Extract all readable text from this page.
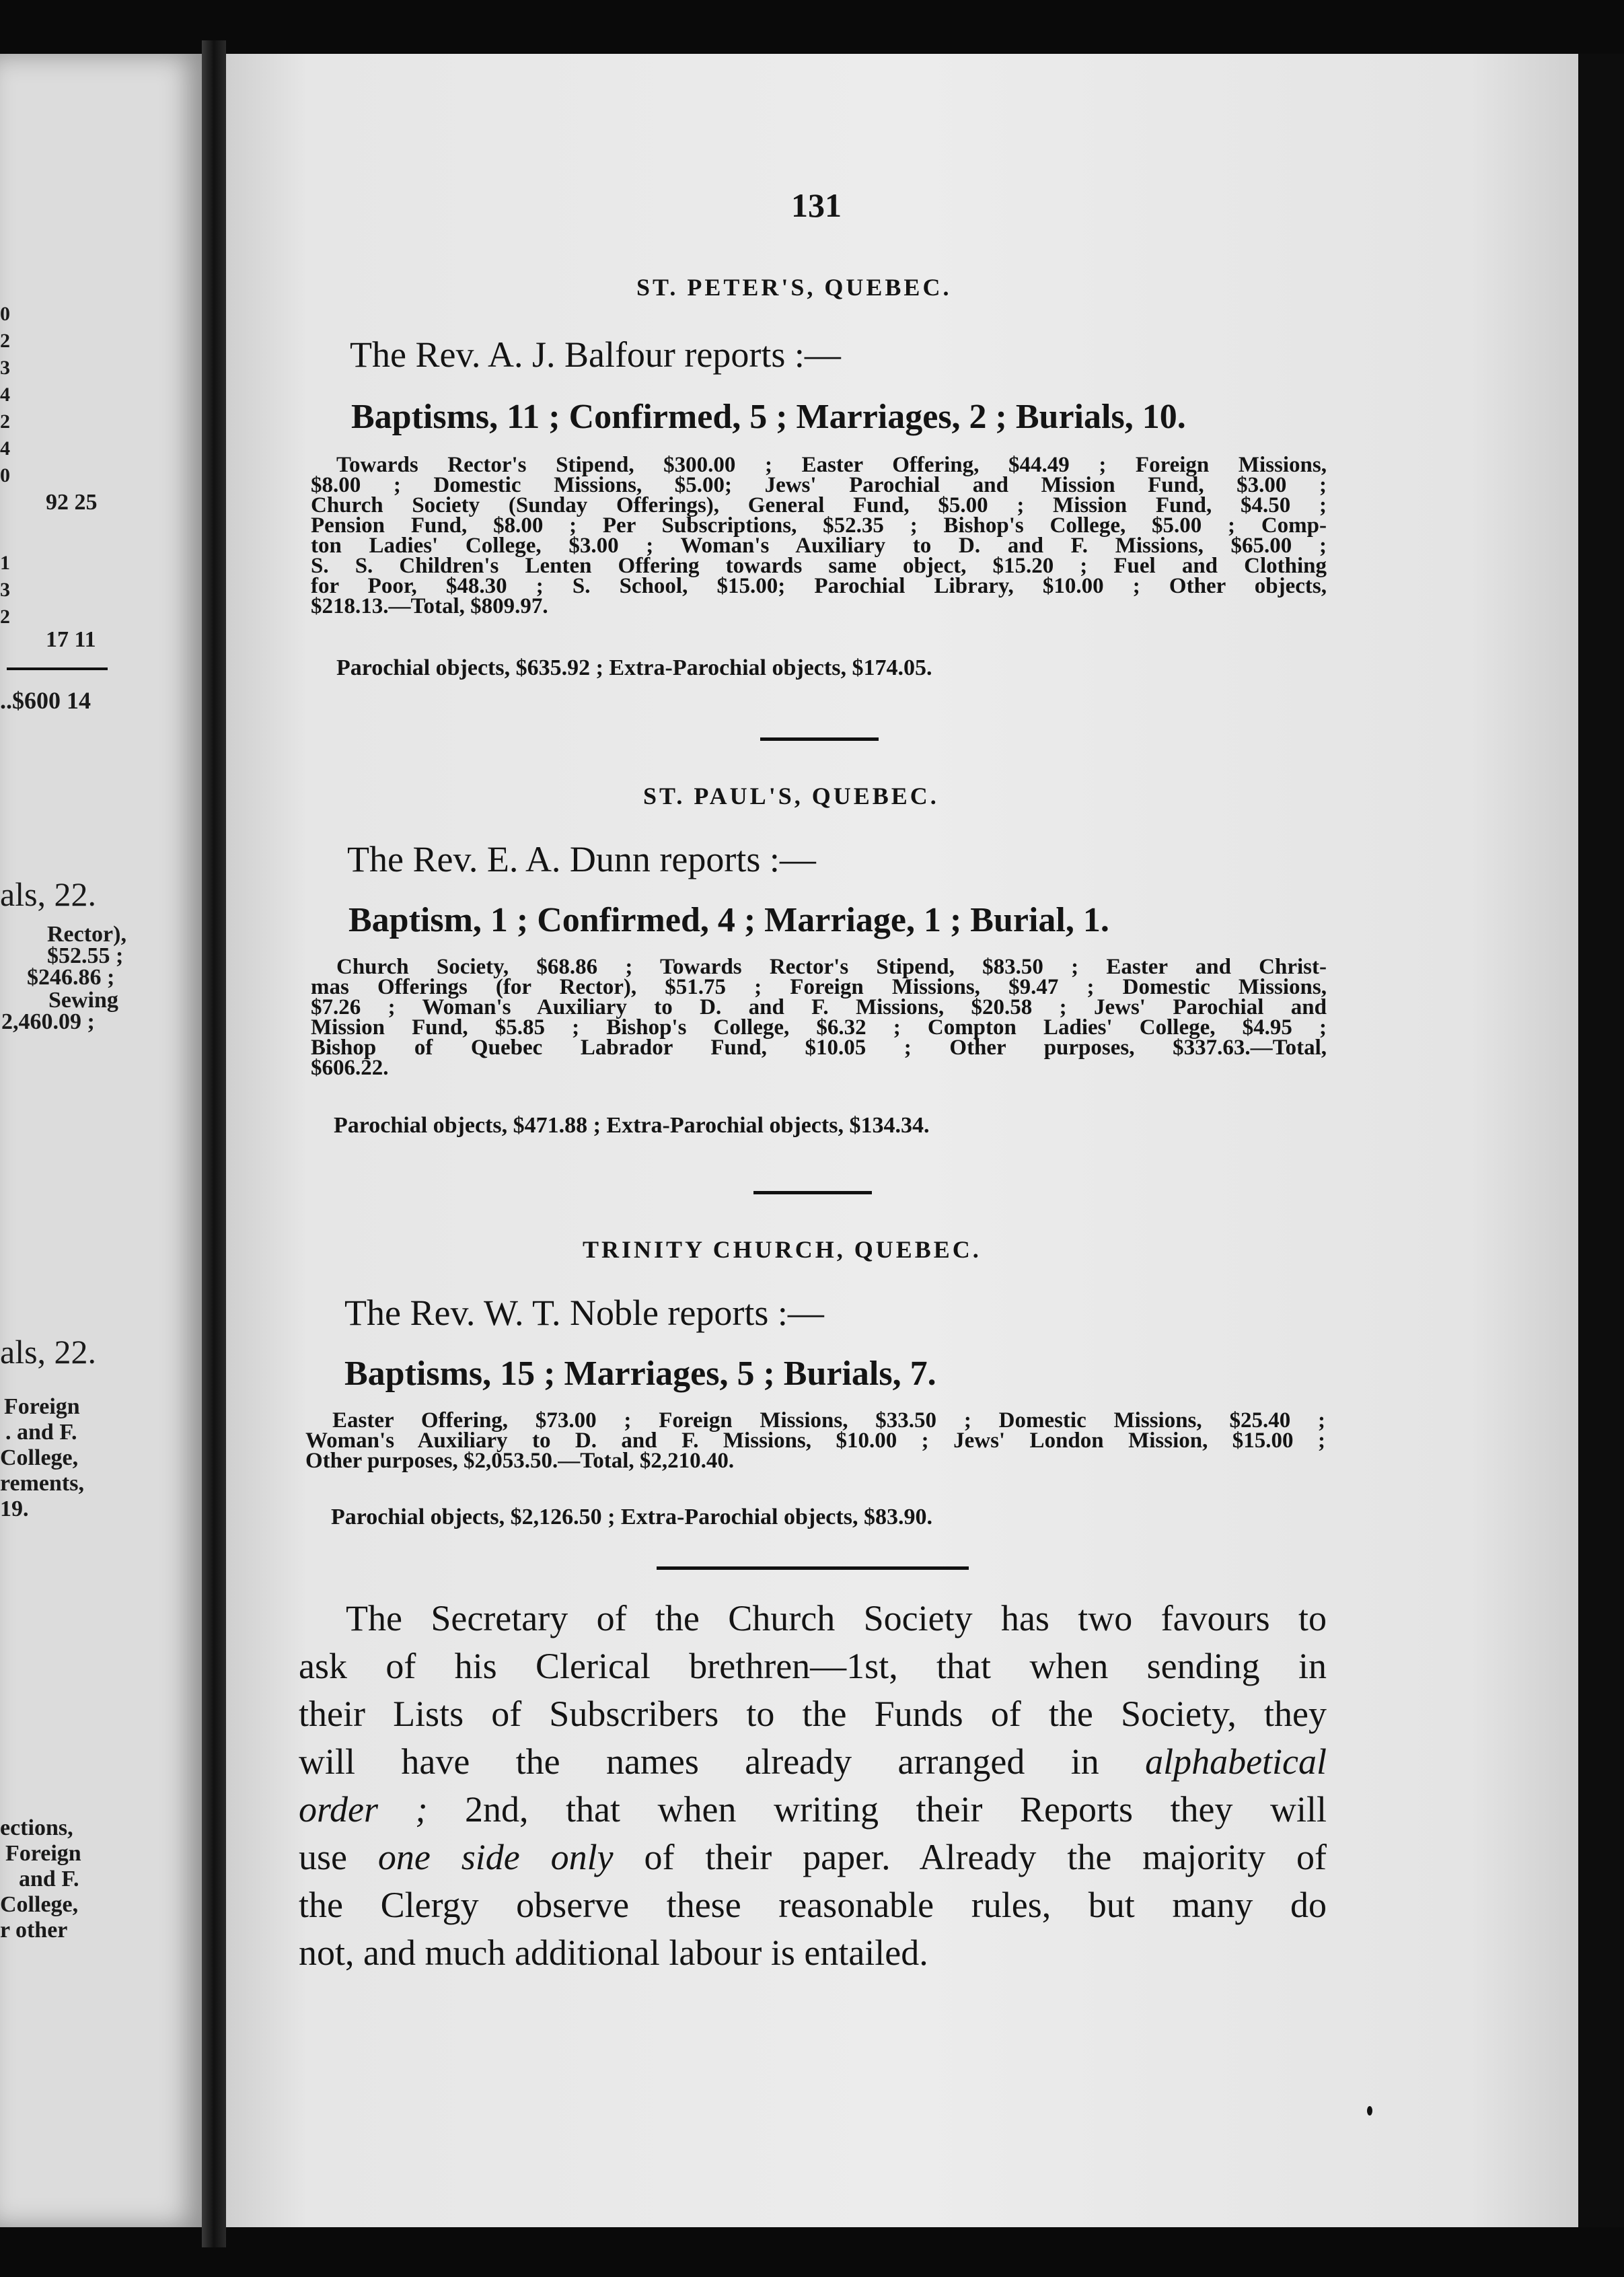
0
2
3
4
2
4
0
92 25
1
3
2
17 11
..$600 14
als, 22.
Rector),
$52.55 ;
$246.86 ;
Sewing
2,460.09 ;
als, 22.
Foreign
. and F.
College,
rements,
19.
ections,
Foreign
and F.
College,
r other
131
ST. PETER'S, QUEBEC.
The Rev. A. J. Balfour reports :—
Baptisms, 11 ; Confirmed, 5 ; Marriages, 2 ; Burials, 10.
Towards Rector's Stipend, $300.00 ; Easter Offering, $44.49 ; Foreign Missions,
$8.00 ; Domestic Missions, $5.00; Jews' Parochial and Mission Fund, $3.00 ;
Church Society (Sunday Offerings), General Fund, $5.00 ; Mission Fund, $4.50 ;
Pension Fund, $8.00 ; Per Subscriptions, $52.35 ; Bishop's College, $5.00 ; Comp-
ton Ladies' College, $3.00 ; Woman's Auxiliary to D. and F. Missions, $65.00 ;
S. S. Children's Lenten Offering towards same object, $15.20 ; Fuel and Clothing
for Poor, $48.30 ; S. School, $15.00; Parochial Library, $10.00 ; Other objects,
$218.13.—Total, $809.97.
Parochial objects, $635.92 ; Extra-Parochial objects, $174.05.
ST. PAUL'S, QUEBEC.
The Rev. E. A. Dunn reports :—
Baptism, 1 ; Confirmed, 4 ; Marriage, 1 ; Burial, 1.
Church Society, $68.86 ; Towards Rector's Stipend, $83.50 ; Easter and Christ-
mas Offerings (for Rector), $51.75 ; Foreign Missions, $9.47 ; Domestic Missions,
$7.26 ; Woman's Auxiliary to D. and F. Missions, $20.58 ; Jews' Parochial and
Mission Fund, $5.85 ; Bishop's College, $6.32 ; Compton Ladies' College, $4.95 ;
Bishop of Quebec Labrador Fund, $10.05 ; Other purposes, $337.63.—Total,
$606.22.
Parochial objects, $471.88 ; Extra-Parochial objects, $134.34.
TRINITY CHURCH, QUEBEC.
The Rev. W. T. Noble reports :—
Baptisms, 15 ; Marriages, 5 ; Burials, 7.
Easter Offering, $73.00 ; Foreign Missions, $33.50 ; Domestic Missions, $25.40 ;
Woman's Auxiliary to D. and F. Missions, $10.00 ; Jews' London Mission, $15.00 ;
Other purposes, $2,053.50.—Total, $2,210.40.
Parochial objects, $2,126.50 ; Extra-Parochial objects, $83.90.
The Secretary of the Church Society has two favours to
ask of his Clerical brethren—1st, that when sending in
their Lists of Subscribers to the Funds of the Society, they
will have the names already arranged in alphabetical
order ; 2nd, that when writing their Reports they will
use one side only of their paper. Already the majority of
the Clergy observe these reasonable rules, but many do
not, and much additional labour is entailed.
